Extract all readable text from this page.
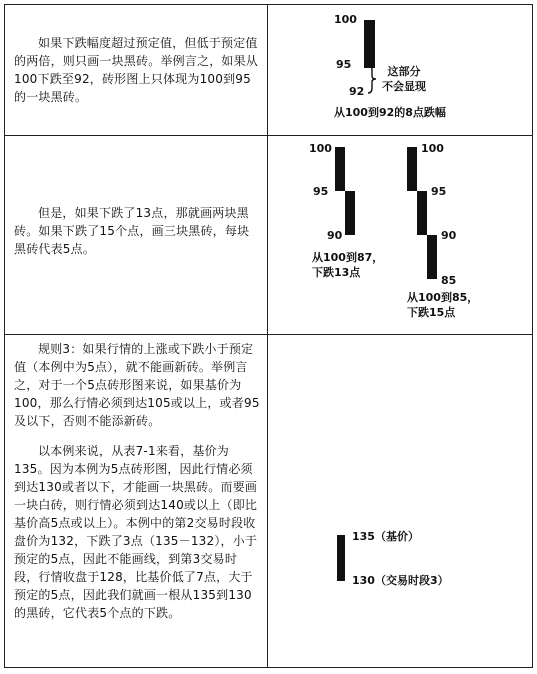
如果下跌幅度超过预定值，但低于预定值的两倍，则只画一块黑砖。举例言之，如果从100下跌至92，砖形图上只体现为100到95的一块黑砖。
100
95
92
这部分
不会显现
从100到92的8点跌幅
但是，如果下跌了13点，那就画两块黑砖。如果下跌了15个点，画三块黑砖，每块黑砖代表5点。
100
95
90
从100到87，
下跌13点
100
95
90
85
从100到85，
下跌15点
规则3：如果行情的上涨或下跌小于预定值（本例中为5点），就不能画新砖。举例言之，对于一个5点砖形图来说，如果基价为100，那么行情必须到达105或以上，或者95及以下，否则不能添新砖。
以本例来说，从表7-1来看，基价为135。因为本例为5点砖形图，因此行情必须到达130或者以下，才能画一块黑砖。而要画一块白砖，则行情必须到达140或以上（即比基价高5点或以上）。本例中的第2交易时段收盘价为132，下跌了3点（135－132），小于预定的5点，因此不能画线，到第3交易时段，行情收盘于128，比基价低了7点，大于预定的5点，因此我们就画一根从135到130的黑砖，它代表5个点的下跌。
135（基价）
130（交易时段3）
